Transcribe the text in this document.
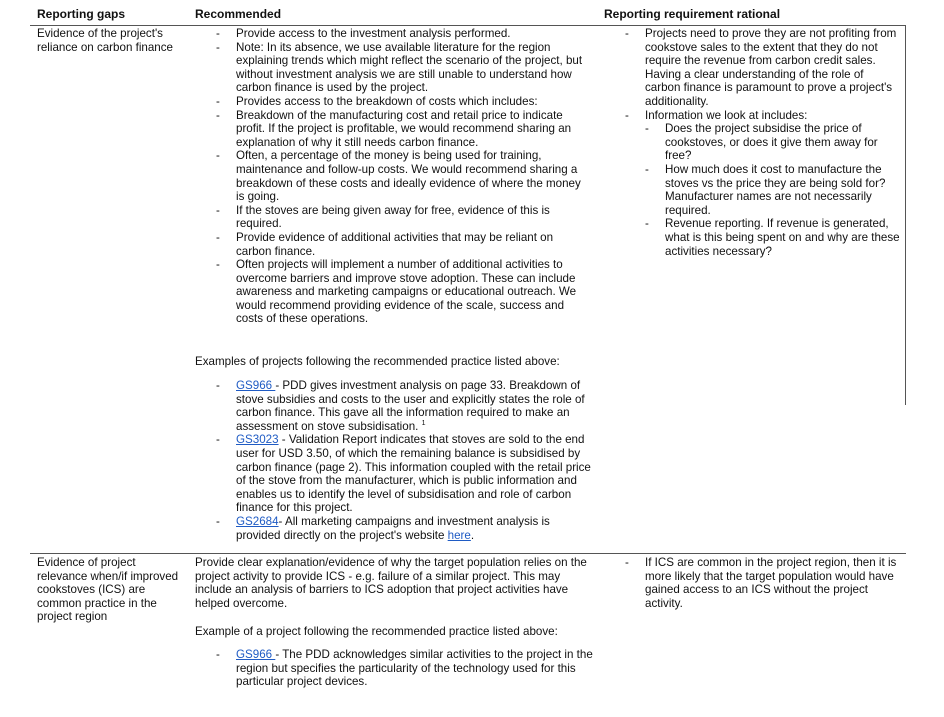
Reporting gaps	Recommended	Reporting requirement rational
Evidence of the project's reliance on carbon finance
- Provide access to the investment analysis performed.
- Note: In its absence, we use available literature for the region explaining trends which might reflect the scenario of the project, but without investment analysis we are still unable to understand how carbon finance is used by the project.
- Provides access to the breakdown of costs which includes:
- Breakdown of the manufacturing cost and retail price to indicate profit. If the project is profitable, we would recommend sharing an explanation of why it still needs carbon finance.
- Often, a percentage of the money is being used for training, maintenance and follow-up costs. We would recommend sharing a breakdown of these costs and ideally evidence of where the money is going.
- If the stoves are being given away for free, evidence of this is required.
- Provide evidence of additional activities that may be reliant on carbon finance.
- Often projects will implement a number of additional activities to overcome barriers and improve stove adoption. These can include awareness and marketing campaigns or educational outreach. We would recommend providing evidence of the scale, success and costs of these operations.
Examples of projects following the recommended practice listed above:
- GS966 - PDD gives investment analysis on page 33. Breakdown of stove subsidies and costs to the user and explicitly states the role of carbon finance. This gave all the information required to make an assessment on stove subsidisation. $^1$
- GS3023 - Validation Report indicates that stoves are sold to the end user for USD 3.50, of which the remaining balance is subsidised by carbon finance (page 2). This information coupled with the retail price of the stove from the manufacturer, which is public information and enables us to identify the level of subsidisation and role of carbon finance for this project.
- GS2684- All marketing campaigns and investment analysis is provided directly on the project's website here.
- Projects need to prove they are not profiting from cookstove sales to the extent that they do not require the revenue from carbon credit sales. Having a clear understanding of the role of carbon finance is paramount to prove a project's additionality.
- Information we look at includes:
- Does the project subsidise the price of cookstoves, or does it give them away for free?
- How much does it cost to manufacture the stoves vs the price they are being sold for? Manufacturer names are not necessarily required.
- Revenue reporting. If revenue is generated, what is this being spent on and why are these activities necessary?
Evidence of project relevance when/if improved cookstoves (ICS) are common practice in the project region
Provide clear explanation/evidence of why the target population relies on the project activity to provide ICS - e.g. failure of a similar project. This may include an analysis of barriers to ICS adoption that project activities have helped overcome.
Example of a project following the recommended practice listed above:
- GS966 - The PDD acknowledges similar activities to the project in the region but specifies the particularity of the technology used for this particular project devices.
- If ICS are common in the project region, then it is more likely that the target population would have gained access to an ICS without the project activity.
